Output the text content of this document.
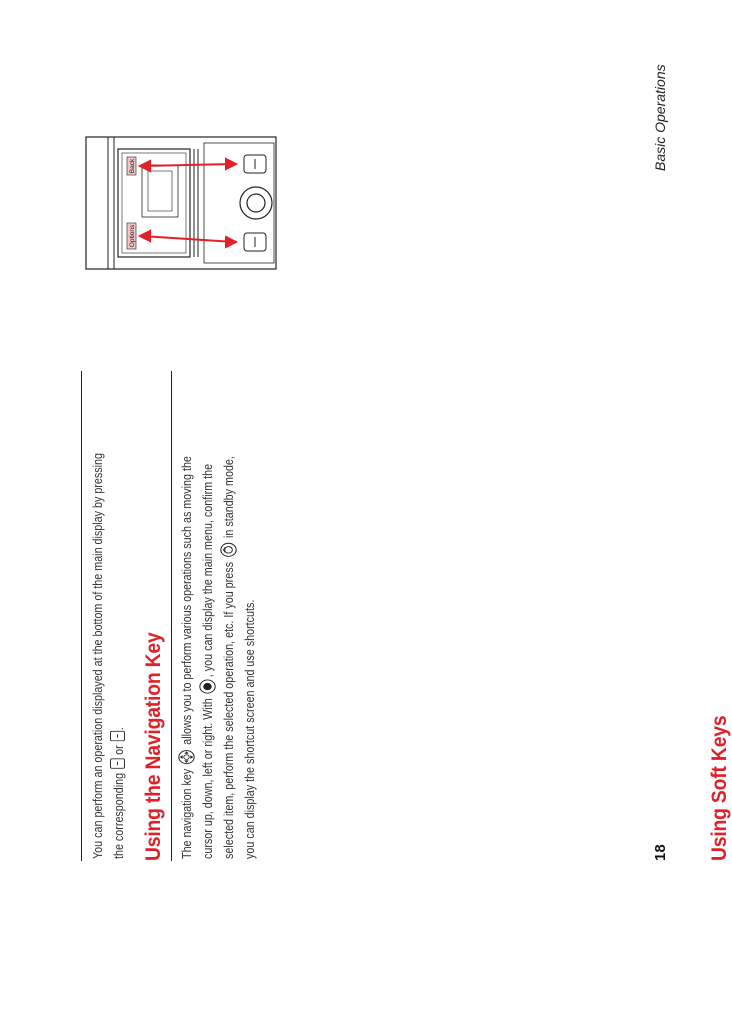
Using Soft Keys

You can perform an operation displayed at the bottom of the main display by pressing the corresponding  or . Using the Navigation Key The navigation key  allows you to perform various operations such as moving the
cursor up, down, left or right. With , you can display the main menu, confirm the selected item, perform the selected operation, etc. If you press  in standby mode,
you can display the shortcut screen and use shortcuts.

Options
Back
18
Basic Operations
